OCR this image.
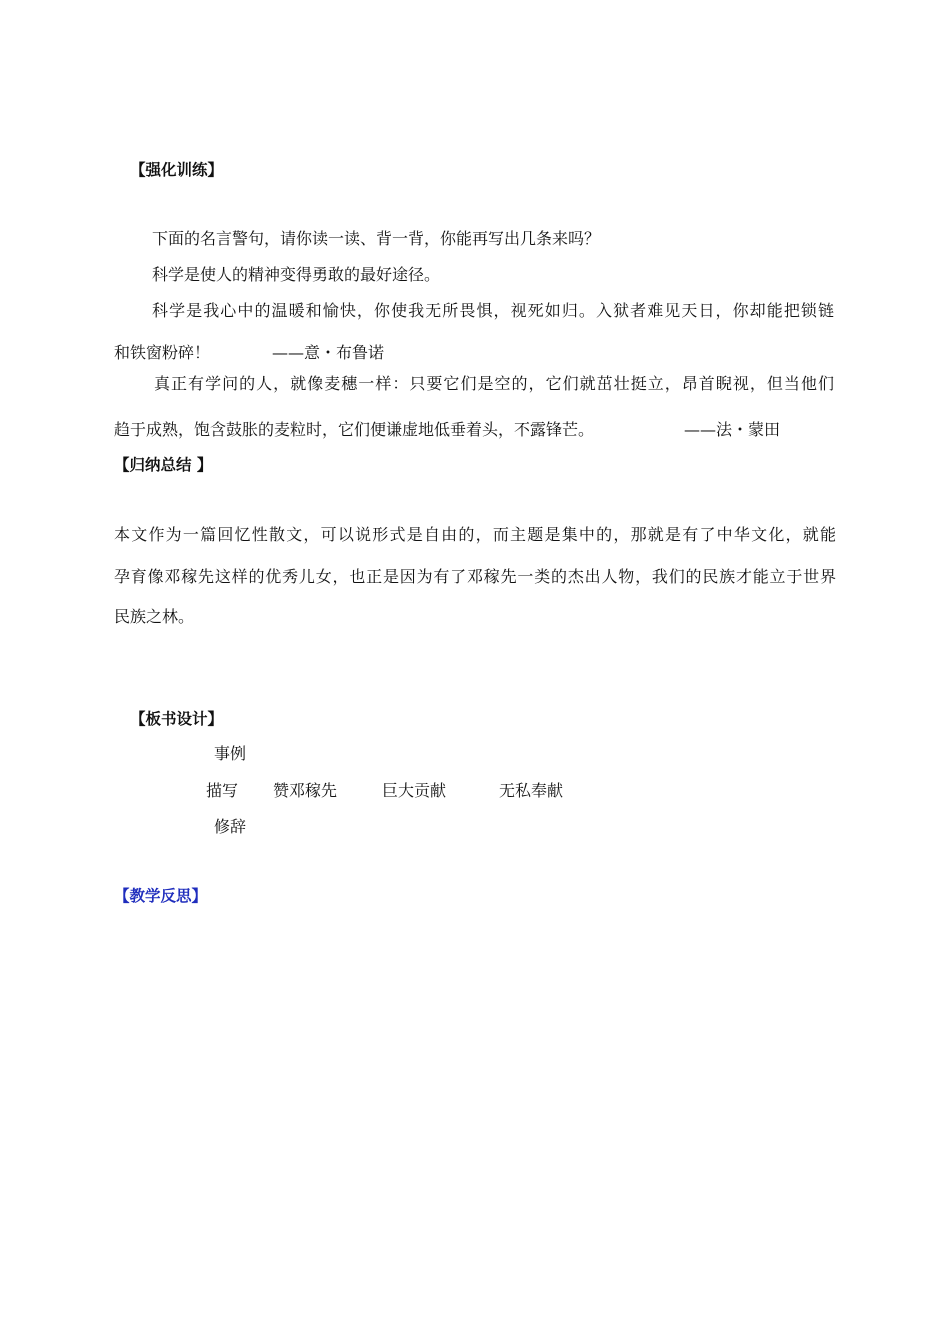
【强化训练】
下面的名言警句，请你读一读、背一背，你能再写出几条来吗？
科学是使人的精神变得勇敢的最好途径。
科学是我心中的温暖和愉快，你使我无所畏惧，视死如归。入狱者难见天日，你却能把锁链
和铁窗粉碎！	——意・布鲁诺
真正有学问的人，就像麦穗一样：只要它们是空的，它们就茁壮挺立，昂首睨视，但当他们
趋于成熟，饱含鼓胀的麦粒时，它们便谦虚地低垂着头，不露锋芒。	——法・蒙田
【归纳总结 】
本文作为一篇回忆性散文，可以说形式是自由的，而主题是集中的，那就是有了中华文化，就能
孕育像邓稼先这样的优秀儿女，也正是因为有了邓稼先一类的杰出人物，我们的民族才能立于世界
民族之林。
【板书设计】
事例
描写 赞邓稼先	巨大贡献	无私奉献
修辞
【教学反思】
